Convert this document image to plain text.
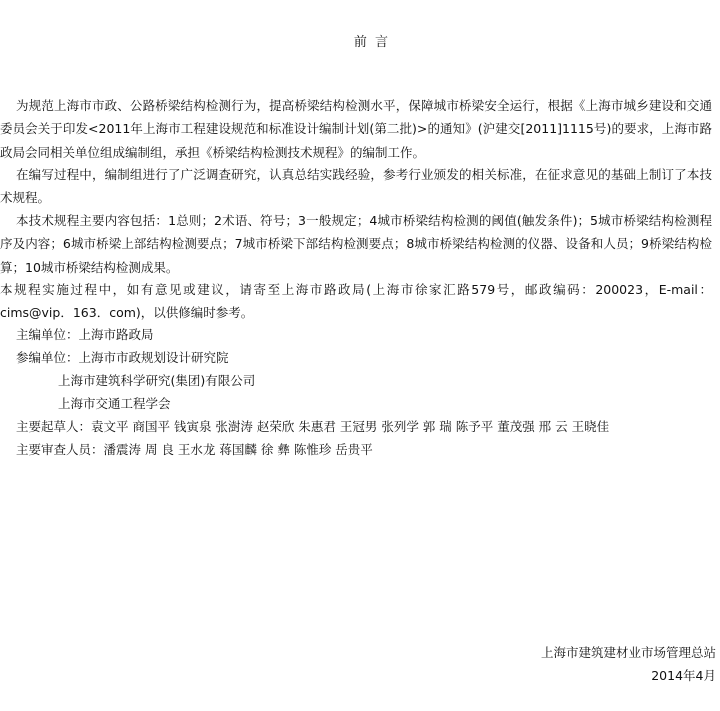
前 言

为规范上海市市政、公路桥梁结构检测行为，提高桥梁结构检测水平，保障城市桥梁安全运行，根据《上海市城乡建设和交通委员会关于印发<2011年上海市工程建设规范和标准设计编制计划(第二批)>的通知》(沪建交[2011]1115号)的要求，上海市路政局会同相关单位组成编制组，承担《桥梁结构检测技术规程》的编制工作。

在编写过程中，编制组进行了广泛调查研究，认真总结实践经验，参考行业颁发的相关标准，在征求意见的基础上制订了本技术规程。

本技术规程主要内容包括：1总则；2术语、符号；3一般规定；4城市桥梁结构检测的阈值(触发条件)；5城市桥梁结构检测程序及内容；6城市桥梁上部结构检测要点；7城市桥梁下部结构检测要点；8城市桥梁结构检测的仪器、设备和人员；9桥梁结构检算；10城市桥梁结构检测成果。

本规程实施过程中，如有意见或建议，请寄至上海市路政局(上海市徐家汇路579号，邮政编码：200023，E-mail：cims@vip．163．com)，以供修编时参考。

主编单位：上海市路政局
参编单位：上海市市政规划设计研究院
上海市建筑科学研究(集团)有限公司
上海市交通工程学会
主要起草人：袁文平 商国平 钱寅泉 张澍涛 赵荣欣 朱惠君 王冠男 张列学 郭 瑞 陈予平 董茂强 邢 云 王晓佳
主要审查人员：潘震涛 周 良 王水龙 蒋国麟 徐 彝 陈惟珍 岳贵平
上海市建筑建材业市场管理总站
2014年4月
